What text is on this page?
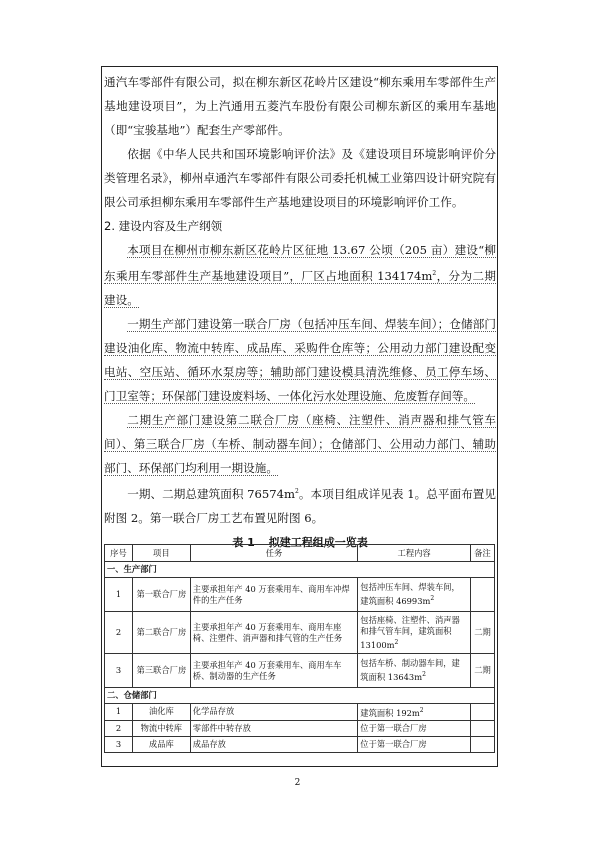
通汽车零部件有限公司，拟在柳东新区花岭片区建设“柳东乘用车零部件生产基地建设项目”，为上汽通用五菱汽车股份有限公司柳东新区的乘用车基地（即“宝骏基地”）配套生产零部件。

依据《中华人民共和国环境影响评价法》及《建设项目环境影响评价分类管理名录》，柳州卓通汽车零部件有限公司委托机械工业第四设计研究院有限公司承担柳东乘用车零部件生产基地建设项目的环境影响评价工作。

2. 建设内容及生产纲领

本项目在柳州市柳东新区花岭片区征地 13.67 公顷（205 亩）建设“柳东乘用车零部件生产基地建设项目”，厂区占地面积 $134174m^2$，分为二期建设。

一期生产部门建设第一联合厂房（包括冲压车间、焊装车间）；仓储部门建设油化库、物流中转库、成品库、采购件仓库等；公用动力部门建设配变电站、空压站、循环水泵房等；辅助部门建设模具清洗维修、员工停车场、门卫室等；环保部门建设废料场、一体化污水处理设施、危废暂存间等。

二期生产部门建设第二联合厂房（座椅、注塑件、消声器和排气管车间）、第三联合厂房（车桥、制动器车间）；仓储部门、公用动力部门、辅助部门、环保部门均利用一期设施。

一期、二期总建筑面积 $76574m^2$。本项目组成详见表 1。总平面布置见附图 2。第一联合厂房工艺布置见附图 6。

表 1 拟建工程组成一览表
序号	项目	任务	工程内容	备注
一、生产部门				
1	第一联合厂房	主要承担年产 40 万套乘用车、商用车冲焊件的生产任务	包括冲压车间、焊装车间，建筑面积 $46993m^2$	
2	第二联合厂房	主要承担年产 40 万套乘用车、商用车座椅、注塑件、消声器和排气管的生产任务	包括座椅、注塑件、消声器和排气管车间，建筑面积 $13100m^2$	二期
3	第三联合厂房	主要承担年产 40 万套乘用车、商用车车桥、制动器的生产任务	包括车桥、制动器车间，建筑面积 $13643m^2$	二期
二、仓储部门				
1	油化库	化学品存放	建筑面积 $192m^2$	
2	物流中转库	零部件中转存放	位于第一联合厂房	
3	成品库	成品存放	位于第一联合厂房	
2
